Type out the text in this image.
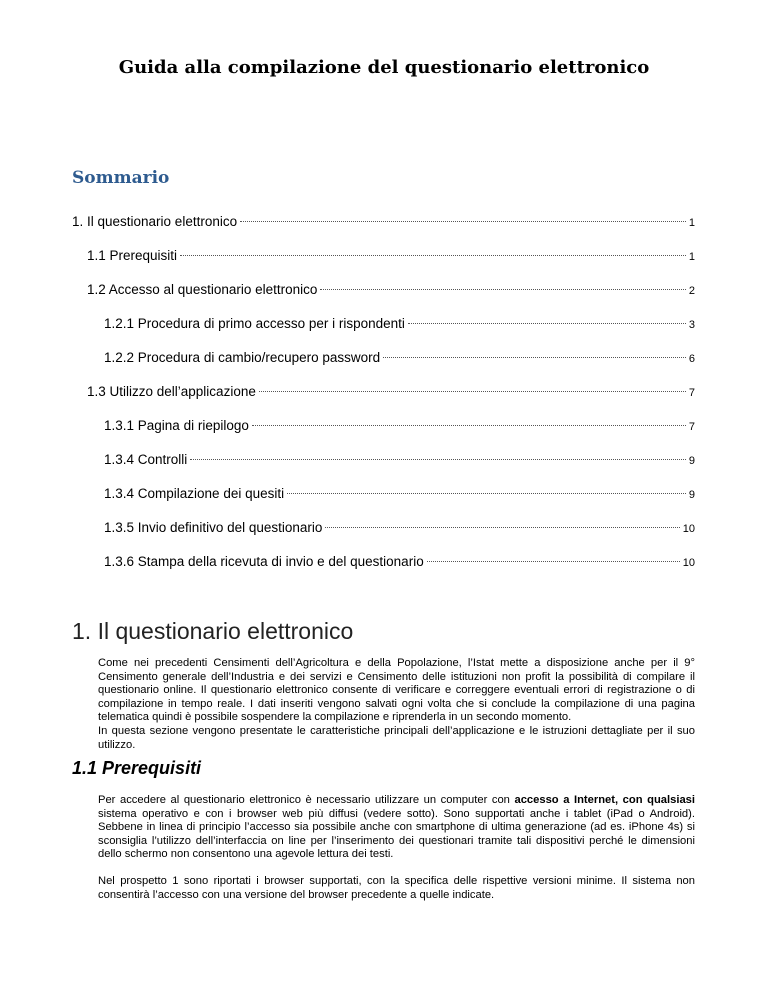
Guida alla compilazione del questionario elettronico
Sommario
1. Il questionario elettronico	1
1.1 Prerequisiti	1
1.2 Accesso al questionario elettronico	2
1.2.1 Procedura di primo accesso per i rispondenti	3
1.2.2 Procedura di cambio/recupero password	6
1.3 Utilizzo dell’applicazione	7
1.3.1 Pagina di riepilogo	7
1.3.4 Controlli	9
1.3.4 Compilazione dei quesiti	9
1.3.5 Invio definitivo del questionario	10
1.3.6 Stampa della ricevuta di invio e del questionario	10
1. Il questionario elettronico
Come nei precedenti Censimenti dell’Agricoltura e della Popolazione, l’Istat mette a disposizione anche per il 9° Censimento generale dell’Industria e dei servizi e Censimento delle istituzioni non profit la possibilità di compilare il questionario online. Il questionario elettronico consente di verificare e correggere eventuali errori di registrazione o di compilazione in tempo reale. I dati inseriti vengono salvati ogni volta che si conclude la compilazione di una pagina telematica quindi è possibile sospendere la compilazione e riprenderla in un secondo momento.
In questa sezione vengono presentate le caratteristiche principali dell’applicazione e le istruzioni dettagliate per il suo utilizzo.
1.1 Prerequisiti
Per accedere al questionario elettronico è necessario utilizzare un computer con accesso a Internet, con qualsiasi sistema operativo e con i browser web più diffusi (vedere sotto). Sono supportati anche i tablet (iPad o Android). Sebbene in linea di principio l’accesso sia possibile anche con smartphone di ultima generazione (ad es. iPhone 4s) si sconsiglia l’utilizzo dell’interfaccia on line per l’inserimento dei questionari tramite tali dispositivi perché le dimensioni dello schermo non consentono una agevole lettura dei testi.
Nel prospetto 1 sono riportati i browser supportati, con la specifica delle rispettive versioni minime. Il sistema non consentirà l’accesso con una versione del browser precedente a quelle indicate.
